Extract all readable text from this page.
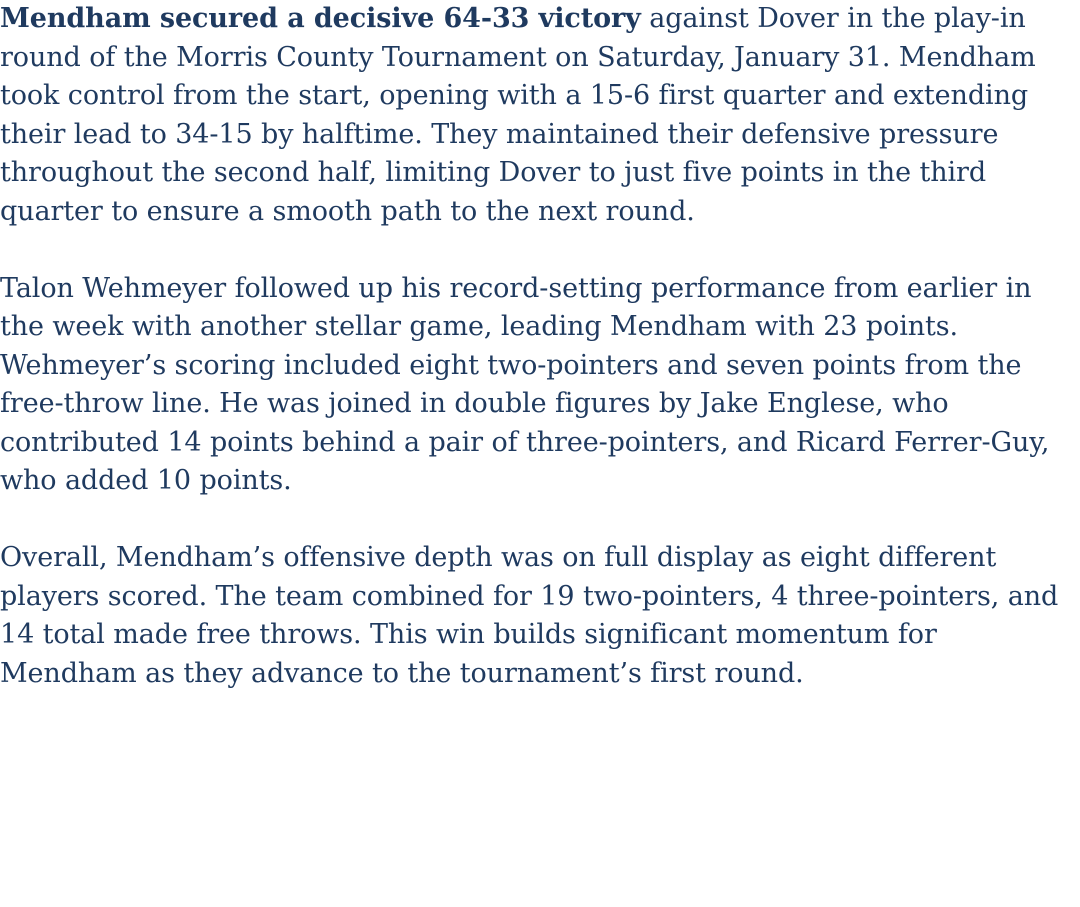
Mendham secured a decisive 64-33 victory against Dover in the play-in round of the Morris County Tournament on Saturday, January 31. Mendham took control from the start, opening with a 15-6 first quarter and extending their lead to 34-15 by halftime. They maintained their defensive pressure throughout the second half, limiting Dover to just five points in the third quarter to ensure a smooth path to the next round.

Talon Wehmeyer followed up his record-setting performance from earlier in the week with another stellar game, leading Mendham with 23 points. Wehmeyer’s scoring included eight two-pointers and seven points from the free-throw line. He was joined in double figures by Jake Englese, who contributed 14 points behind a pair of three-pointers, and Ricard Ferrer-Guy, who added 10 points.

Overall, Mendham’s offensive depth was on full display as eight different players scored. The team combined for 19 two-pointers, 4 three-pointers, and 14 total made free throws. This win builds significant momentum for Mendham as they advance to the tournament’s first round.
